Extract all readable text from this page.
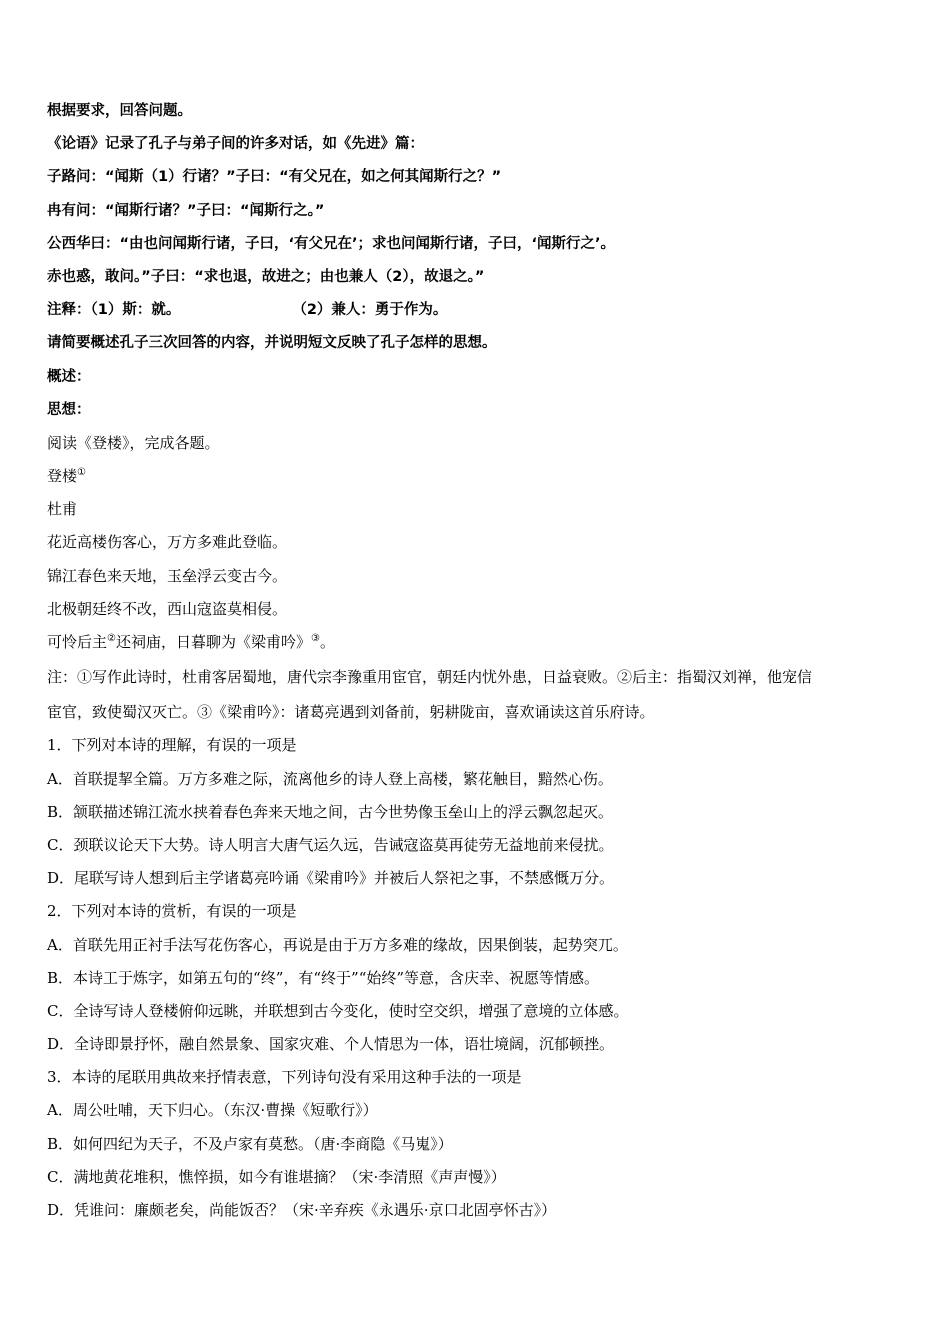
根据要求，回答问题。
《论语》记录了孔子与弟子间的许多对话，如《先进》篇：
子路问：“闻斯（1）行诸？”子曰：“有父兄在，如之何其闻斯行之？”
冉有问：“闻斯行诸？”子曰：“闻斯行之。”
公西华曰：“由也问闻斯行诸，子曰，‘有父兄在’；求也问闻斯行诸，子曰，‘闻斯行之’。
赤也惑，敢问。”子曰：“求也退，故进之；由也兼人（2），故退之。”
注释：（1）斯：就。	（2）兼人：勇于作为。
请简要概述孔子三次回答的内容，并说明短文反映了孔子怎样的思想。
概述：
思想：
阅读《登楼》，完成各题。
登楼①
杜甫
花近高楼伤客心，万方多难此登临。
锦江春色来天地，玉垒浮云变古今。
北极朝廷终不改，西山寇盗莫相侵。
可怜后主②还祠庙，日暮聊为《梁甫吟》③。
注：①写作此诗时，杜甫客居蜀地，唐代宗李豫重用宦官，朝廷内忧外患，日益衰败。②后主：指蜀汉刘禅，他宠信
宦官，致使蜀汉灭亡。③《梁甫吟》：诸葛亮遇到刘备前，躬耕陇亩，喜欢诵读这首乐府诗。
1．下列对本诗的理解，有误的一项是
A．首联提挈全篇。万方多难之际，流离他乡的诗人登上高楼，繁花触目，黯然心伤。
B．颔联描述锦江流水挟着春色奔来天地之间，古今世势像玉垒山上的浮云飘忽起灭。
C．颈联议论天下大势。诗人明言大唐气运久远，告诫寇盗莫再徒劳无益地前来侵扰。
D．尾联写诗人想到后主学诸葛亮吟诵《梁甫吟》并被后人祭祀之事，不禁感慨万分。
2．下列对本诗的赏析，有误的一项是
A．首联先用正衬手法写花伤客心，再说是由于万方多难的缘故，因果倒装，起势突兀。
B．本诗工于炼字，如第五句的“终”，有“终于”“始终”等意，含庆幸、祝愿等情感。
C．全诗写诗人登楼俯仰远眺，并联想到古今变化，使时空交织，增强了意境的立体感。
D．全诗即景抒怀，融自然景象、国家灾难、个人情思为一体，语壮境阔，沉郁顿挫。
3．本诗的尾联用典故来抒情表意，下列诗句没有采用这种手法的一项是
A．周公吐哺，天下归心。（东汉·曹操《短歌行》）
B．如何四纪为天子，不及卢家有莫愁。（唐·李商隐《马嵬》）
C．满地黄花堆积，憔悴损，如今有谁堪摘？（宋·李清照《声声慢》）
D．凭谁问：廉颇老矣，尚能饭否？（宋·辛弃疾《永遇乐·京口北固亭怀古》）
